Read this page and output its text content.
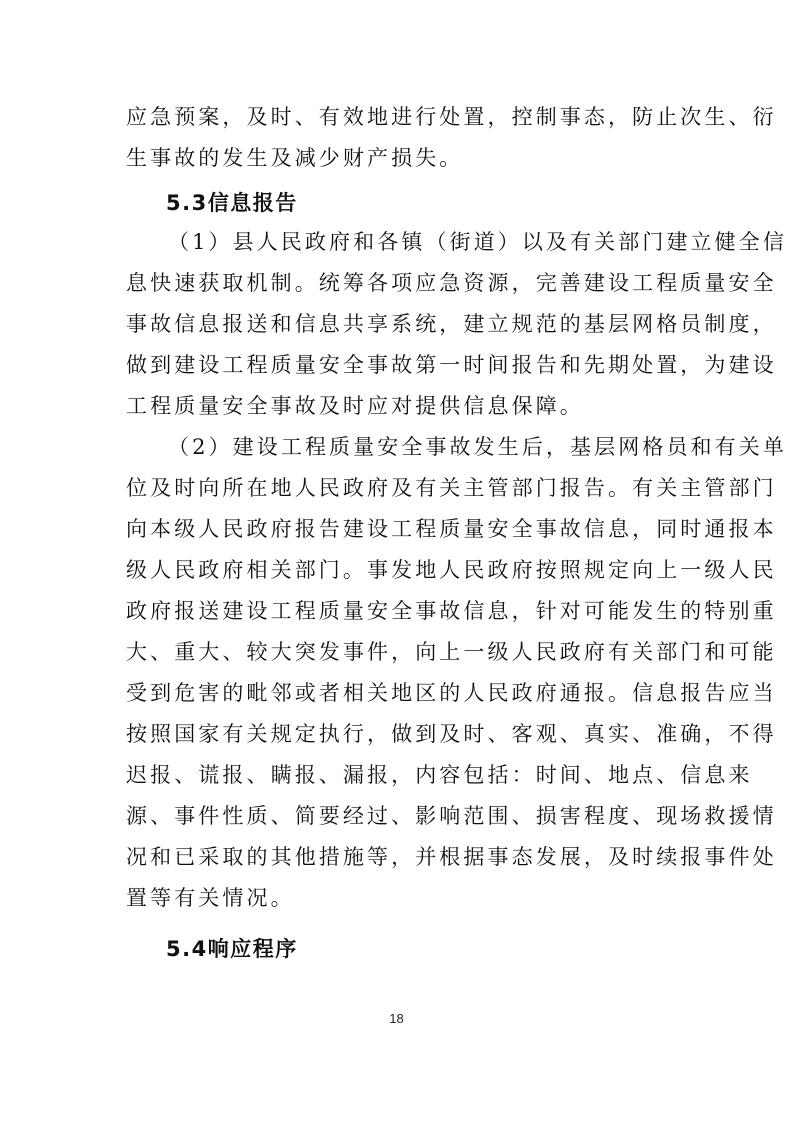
应急预案，及时、有效地进行处置，控制事态，防止次生、衍
生事故的发生及减少财产损失。
5.3信息报告
（1）县人民政府和各镇（街道）以及有关部门建立健全信
息快速获取机制。统筹各项应急资源，完善建设工程质量安全
事故信息报送和信息共享系统，建立规范的基层网格员制度，
做到建设工程质量安全事故第一时间报告和先期处置，为建设
工程质量安全事故及时应对提供信息保障。
（2）建设工程质量安全事故发生后，基层网格员和有关单
位及时向所在地人民政府及有关主管部门报告。有关主管部门
向本级人民政府报告建设工程质量安全事故信息，同时通报本
级人民政府相关部门。事发地人民政府按照规定向上一级人民
政府报送建设工程质量安全事故信息，针对可能发生的特别重
大、重大、较大突发事件，向上一级人民政府有关部门和可能
受到危害的毗邻或者相关地区的人民政府通报。信息报告应当
按照国家有关规定执行，做到及时、客观、真实、准确，不得
迟报、谎报、瞒报、漏报，内容包括：时间、地点、信息来
源、事件性质、简要经过、影响范围、损害程度、现场救援情
况和已采取的其他措施等，并根据事态发展，及时续报事件处
置等有关情况。
5.4响应程序
18
